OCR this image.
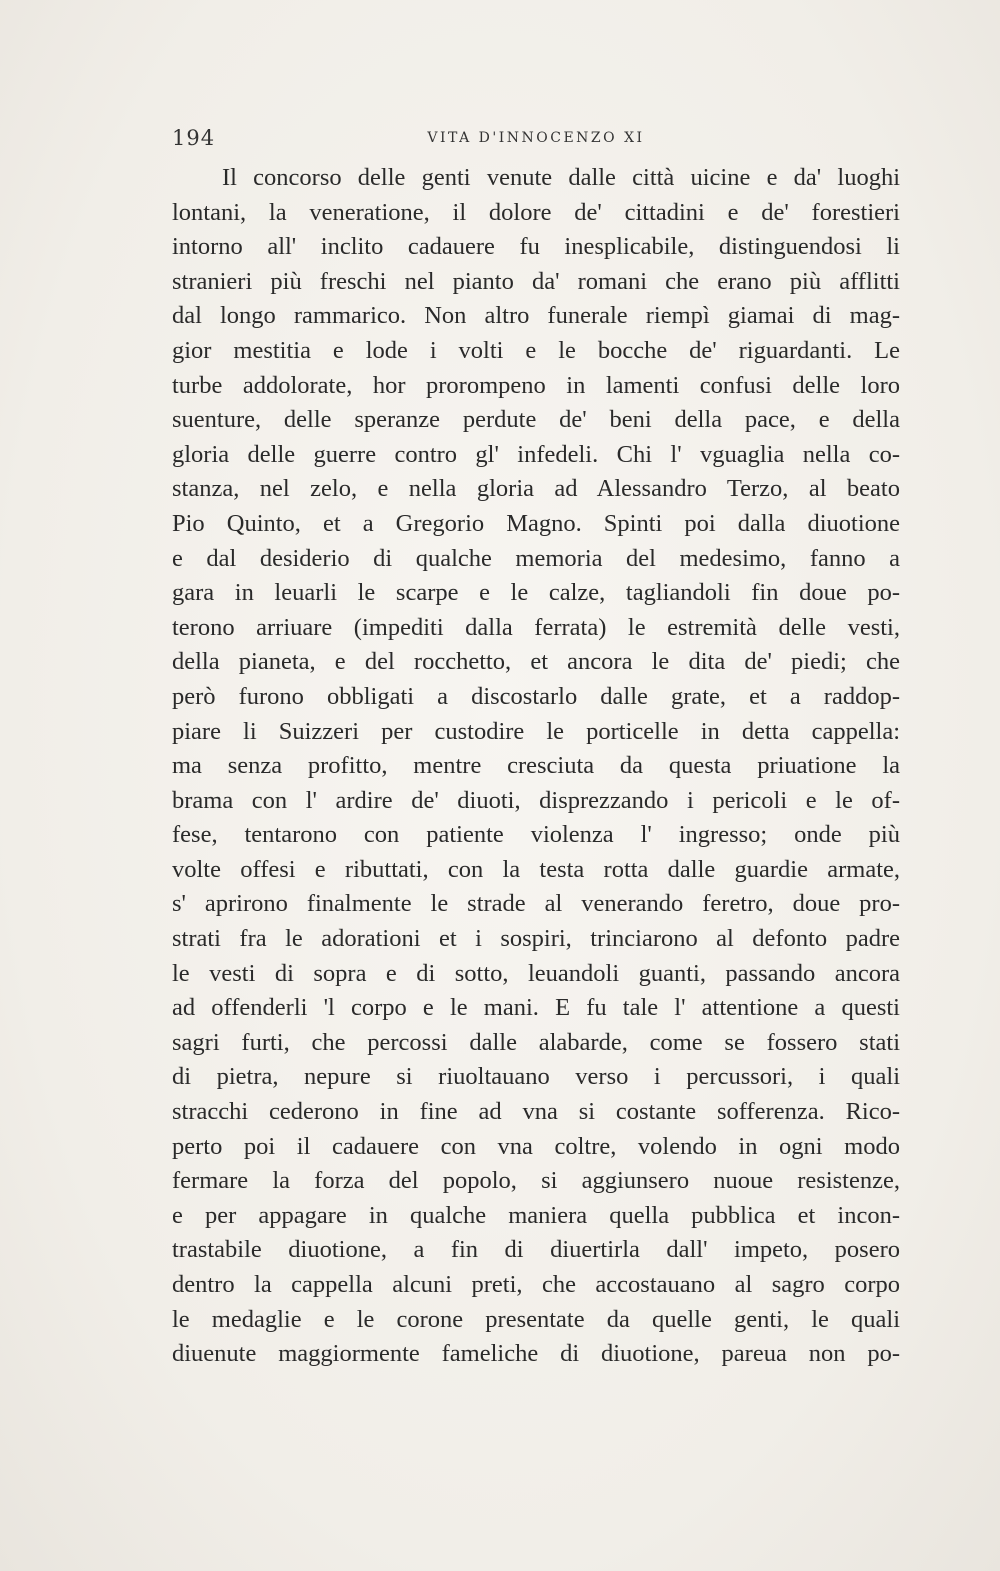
194	VITA D'INNOCENZO XI
Il concorso delle genti venute dalle città uicine e da' luoghi
lontani, la veneratione, il dolore de' cittadini e de' forestieri
intorno all' inclito cadauere fu inesplicabile, distinguendosi li
stranieri più freschi nel pianto da' romani che erano più afflitti
dal longo rammarico. Non altro funerale riempì giamai di mag-
gior mestitia e lode i volti e le bocche de' riguardanti. Le
turbe addolorate, hor prorompeno in lamenti confusi delle loro
suenture, delle speranze perdute de' beni della pace, e della
gloria delle guerre contro gl' infedeli. Chi l' vguaglia nella co-
stanza, nel zelo, e nella gloria ad Alessandro Terzo, al beato
Pio Quinto, et a Gregorio Magno. Spinti poi dalla diuotione
e dal desiderio di qualche memoria del medesimo, fanno a
gara in leuarli le scarpe e le calze, tagliandoli fin doue po-
terono arriuare (impediti dalla ferrata) le estremità delle vesti,
della pianeta, e del rocchetto, et ancora le dita de' piedi; che
però furono obbligati a discostarlo dalle grate, et a raddop-
piare li Suizzeri per custodire le porticelle in detta cappella:
ma senza profitto, mentre cresciuta da questa priuatione la
brama con l' ardire de' diuoti, disprezzando i pericoli e le of-
fese, tentarono con patiente violenza l' ingresso; onde più
volte offesi e ributtati, con la testa rotta dalle guardie armate,
s' aprirono finalmente le strade al venerando feretro, doue pro-
strati fra le adorationi et i sospiri, trinciarono al defonto padre
le vesti di sopra e di sotto, leuandoli guanti, passando ancora
ad offenderli 'l corpo e le mani. E fu tale l' attentione a questi
sagri furti, che percossi dalle alabarde, come se fossero stati
di pietra, nepure si riuoltauano verso i percussori, i quali
stracchi cederono in fine ad vna si costante sofferenza. Rico-
perto poi il cadauere con vna coltre, volendo in ogni modo
fermare la forza del popolo, si aggiunsero nuoue resistenze,
e per appagare in qualche maniera quella pubblica et incon-
trastabile diuotione, a fin di diuertirla dall' impeto, posero
dentro la cappella alcuni preti, che accostauano al sagro corpo
le medaglie e le corone presentate da quelle genti, le quali
diuenute maggiormente fameliche di diuotione, pareua non po-
